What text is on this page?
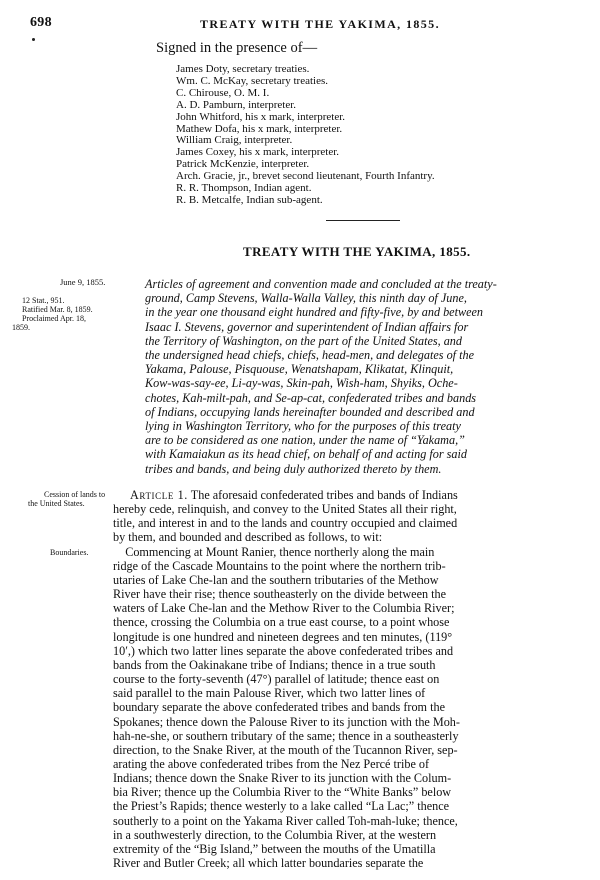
698	TREATY WITH THE YAKIMA, 1855.
Signed in the presence of—
James Doty, secretary treaties.
Wm. C. McKay, secretary treaties.
C. Chirouse, O. M. I.
A. D. Pamburn, interpreter.
John Whitford, his x mark, interpreter.
Mathew Dofa, his x mark, interpreter.
William Craig, interpreter.
James Coxey, his x mark, interpreter.
Patrick McKenzie, interpreter.
Arch. Gracie, jr., brevet second lieutenant, Fourth Infantry.
R. R. Thompson, Indian agent.
R. B. Metcalfe, Indian sub-agent.
TREATY WITH THE YAKIMA, 1855.
June 9, 1855.
12 Stat., 951.
Ratified Mar. 8, 1859.
Proclaimed Apr. 18,
1859.
Cession of lands to
the United States.
Boundaries.
Articles of agreement and convention made and concluded at the treaty-
ground, Camp Stevens, Walla-Walla Valley, this ninth day of June,
in the year one thousand eight hundred and fifty-five, by and between
Isaac I. Stevens, governor and superintendent of Indian affairs for
the Territory of Washington, on the part of the United States, and
the undersigned head chiefs, chiefs, head-men, and delegates of the
Yakama, Palouse, Pisquouse, Wenatshapam, Klikatat, Klinquit,
Kow-was-say-ee, Li-ay-was, Skin-pah, Wish-ham, Shyiks, Oche-
chotes, Kah-milt-pah, and Se-ap-cat, confederated tribes and bands
of Indians, occupying lands hereinafter bounded and described and
lying in Washington Territory, who for the purposes of this treaty
are to be considered as one nation, under the name of “Yakama,”
with Kamaiakun as its head chief, on behalf of and acting for said
tribes and bands, and being duly authorized thereto by them.
Article 1. The aforesaid confederated tribes and bands of Indians
hereby cede, relinquish, and convey to the United States all their right,
title, and interest in and to the lands and country occupied and claimed
by them, and bounded and described as follows, to wit:
Commencing at Mount Ranier, thence northerly along the main
ridge of the Cascade Mountains to the point where the northern trib-
utaries of Lake Che-lan and the southern tributaries of the Methow
River have their rise; thence southeasterly on the divide between the
waters of Lake Che-lan and the Methow River to the Columbia River;
thence, crossing the Columbia on a true east course, to a point whose
longitude is one hundred and nineteen degrees and ten minutes, (119°
10′,) which two latter lines separate the above confederated tribes and
bands from the Oakinakane tribe of Indians; thence in a true south
course to the forty-seventh (47°) parallel of latitude; thence east on
said parallel to the main Palouse River, which two latter lines of
boundary separate the above confederated tribes and bands from the
Spokanes; thence down the Palouse River to its junction with the Moh-
hah-ne-she, or southern tributary of the same; thence in a southeasterly
direction, to the Snake River, at the mouth of the Tucannon River, sep-
arating the above confederated tribes from the Nez Percé tribe of
Indians; thence down the Snake River to its junction with the Colum-
bia River; thence up the Columbia River to the “White Banks” below
the Priest’s Rapids; thence westerly to a lake called “La Lac;” thence
southerly to a point on the Yakama River called Toh-mah-luke; thence,
in a southwesterly direction, to the Columbia River, at the western
extremity of the “Big Island,” between the mouths of the Umatilla
River and Butler Creek; all which latter boundaries separate the
